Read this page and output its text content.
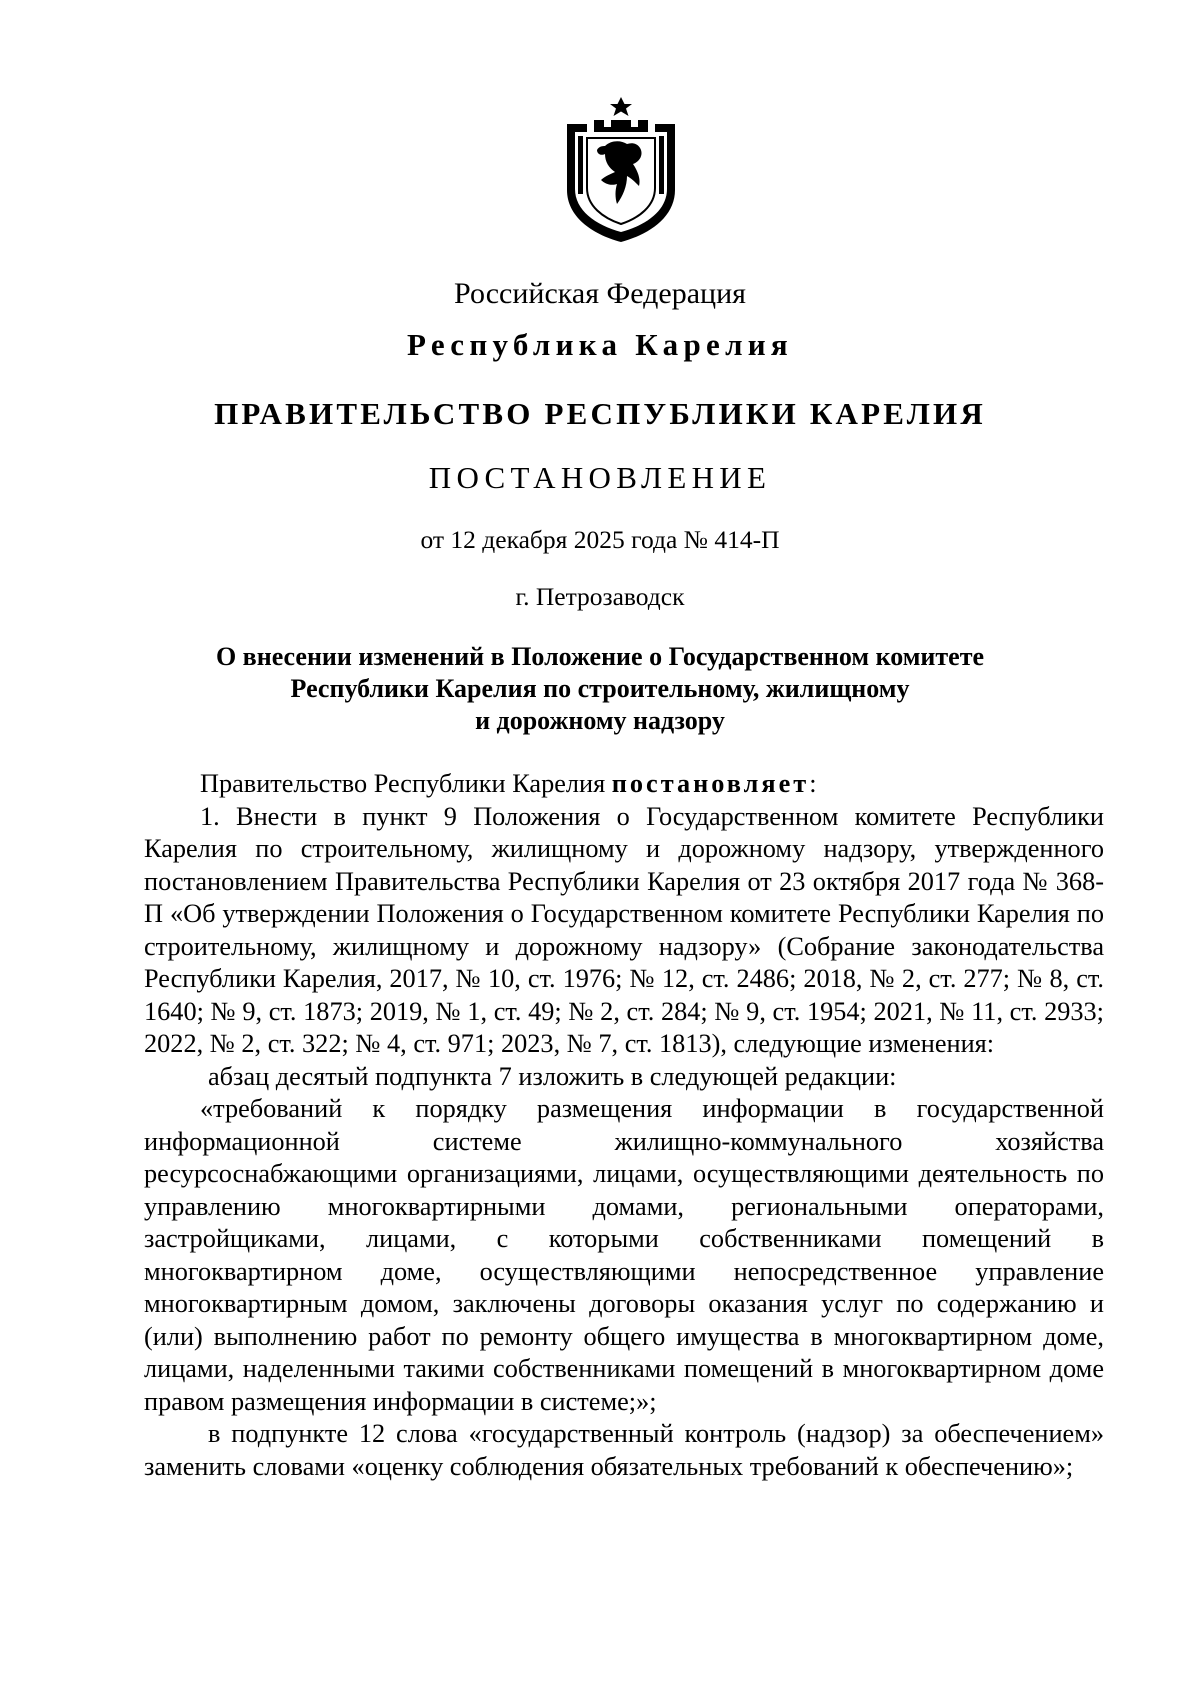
Российская Федерация
Республика Карелия
ПРАВИТЕЛЬСТВО РЕСПУБЛИКИ КАРЕЛИЯ
ПОСТАНОВЛЕНИЕ
от 12 декабря 2025 года № 414-П
г. Петрозаводск
О внесении изменений в Положение о Государственном комитете
Республики Карелия по строительному, жилищному
и дорожному надзору

Правительство Республики Карелия постановляет:

1. Внести в пункт 9 Положения о Государственном комитете Республики Карелия по строительному, жилищному и дорожному надзору, утвержденного постановлением Правительства Республики Карелия от 23 октября 2017 года № 368-П «Об утверждении Положения о Государственном комитете Республики Карелия по строительному, жилищному и дорожному надзору» (Собрание законодательства Республики Карелия, 2017, № 10, ст. 1976; № 12, ст. 2486; 2018, № 2, ст. 277; № 8, ст. 1640; № 9, ст. 1873; 2019, № 1, ст. 49; № 2, ст. 284; № 9, ст. 1954; 2021, № 11, ст. 2933; 2022, № 2, ст. 322; № 4, ст. 971; 2023, № 7, ст. 1813), следующие изменения:

абзац десятый подпункта 7 изложить в следующей редакции:

«требований к порядку размещения информации в государственной информационной системе жилищно-коммунального хозяйства ресурсоснабжающими организациями, лицами, осуществляющими деятельность по управлению многоквартирными домами, региональными операторами, застройщиками, лицами, с которыми собственниками помещений в многоквартирном доме, осуществляющими непосредственное управление многоквартирным домом, заключены договоры оказания услуг по содержанию и (или) выполнению работ по ремонту общего имущества в многоквартирном доме, лицами, наделенными такими собственниками помещений в многоквартирном доме правом размещения информации в системе;»;

в подпункте 12 слова «государственный контроль (надзор) за обеспечением» заменить словами «оценку соблюдения обязательных требований к обеспечению»;
